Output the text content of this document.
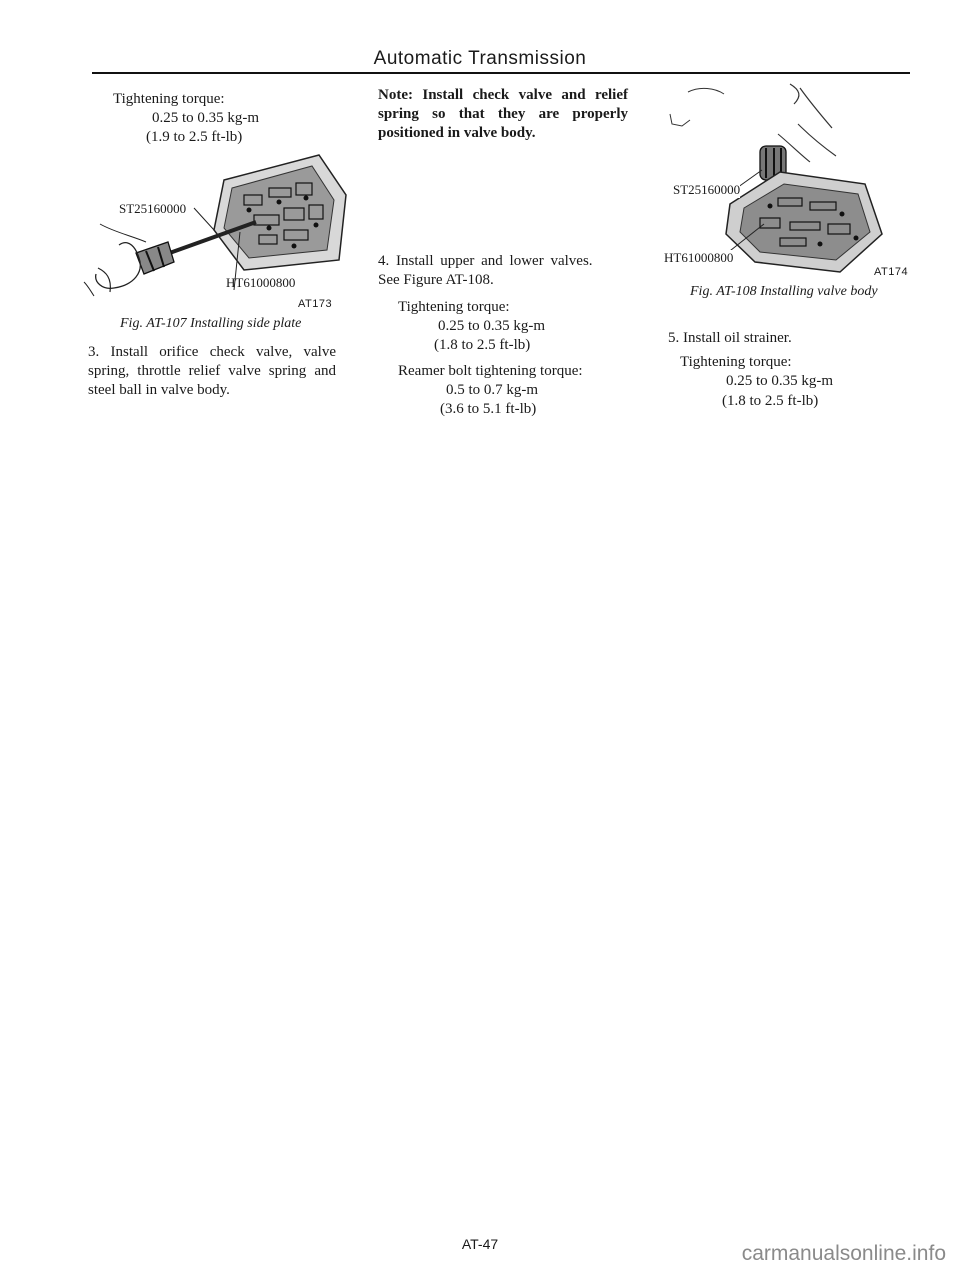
Automatic Transmission
Tightening torque:
0.25 to 0.35 kg-m
(1.9 to 2.5 ft-lb)
ST25160000
HT61000800
AT173
Fig. AT-107 Installing side plate
3. Install orifice check valve, valve spring, throttle relief valve spring and steel ball in valve body.
Note: Install check valve and relief spring so that they are properly positioned in valve body.
4. Install upper and lower valves.
See Figure AT-108.
Tightening torque:
0.25 to 0.35 kg-m
(1.8 to 2.5 ft-lb)
Reamer bolt tightening torque:
0.5 to 0.7 kg-m
(3.6 to 5.1 ft-lb)
ST25160000
HT61000800
AT174
Fig. AT-108 Installing valve body
5. Install oil strainer.
Tightening torque:
0.25 to 0.35 kg-m
(1.8 to 2.5 ft-lb)
AT-47	carmanualsonline.info
